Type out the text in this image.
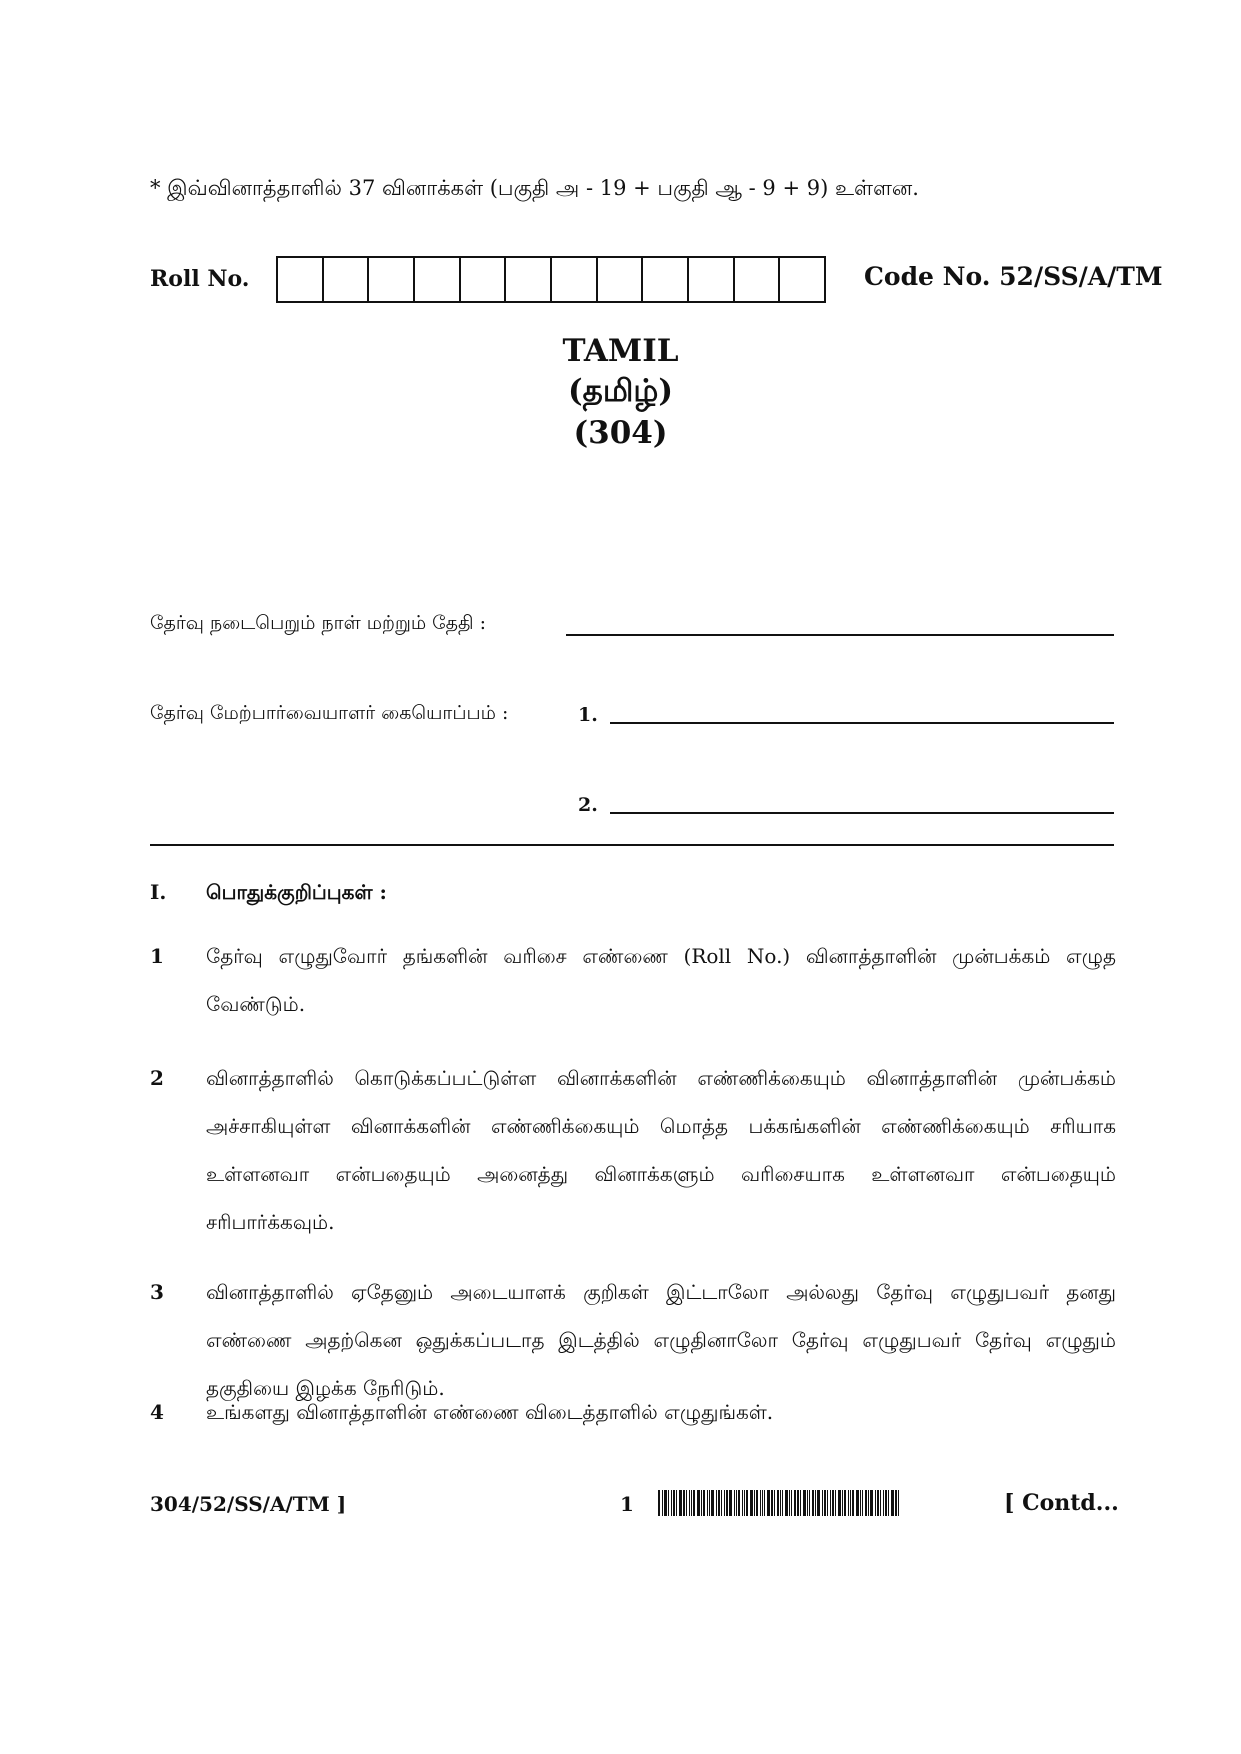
* இவ்வினாத்தாளில் 37 வினாக்கள் (பகுதி அ - 19 + பகுதி ஆ - 9 + 9) உள்ளன.
Roll No.	Code No. 52/SS/A/TM
TAMIL
(தமிழ்)
(304)
தேர்வு நடைபெறும் நாள் மற்றும் தேதி :
தேர்வு மேற்பார்வையாளர் கையொப்பம் :	1.
2.
I. பொதுக்குறிப்புகள் :
1 தேர்வு எழுதுவோர் தங்களின் வரிசை எண்ணை (Roll No.) வினாத்தாளின் முன்பக்கம் எழுத வேண்டும்.
2 வினாத்தாளில் கொடுக்கப்பட்டுள்ள வினாக்களின் எண்ணிக்கையும் வினாத்தாளின் முன்பக்கம் அச்சாகியுள்ள வினாக்களின் எண்ணிக்கையும் மொத்த பக்கங்களின் எண்ணிக்கையும் சரியாக உள்ளனவா என்பதையும் அனைத்து வினாக்களும் வரிசையாக உள்ளனவா என்பதையும் சரிபார்க்கவும்.
3 வினாத்தாளில் ஏதேனும் அடையாளக் குறிகள் இட்டாலோ அல்லது தேர்வு எழுதுபவர் தனது எண்ணை அதற்கென ஒதுக்கப்படாத இடத்தில் எழுதினாலோ தேர்வு எழுதுபவர் தேர்வு எழுதும் தகுதியை இழக்க நேரிடும்.
4 உங்களது வினாத்தாளின் எண்ணை விடைத்தாளில் எழுதுங்கள்.
304/52/SS/A/TM ]	1	[ Contd...
